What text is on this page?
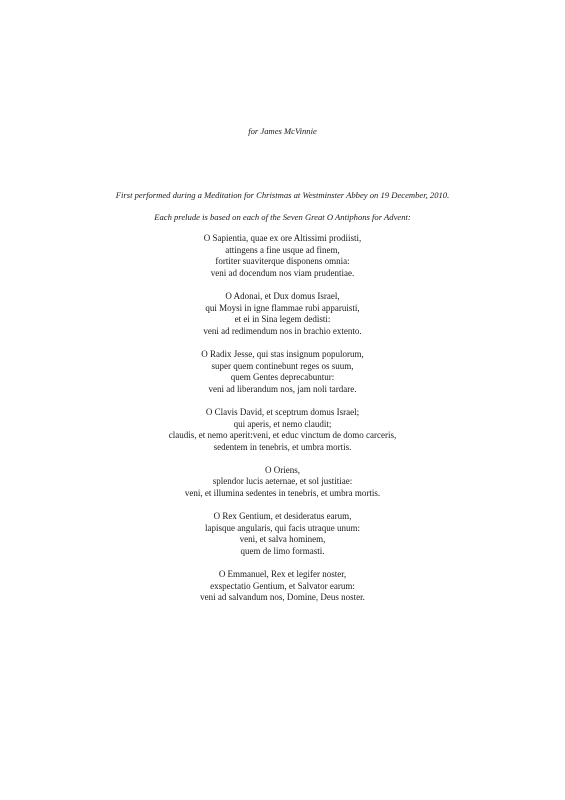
for James McVinnie
First performed during a Meditation for Christmas at Westminster Abbey on 19 December, 2010.
Each prelude is based on each of the Seven Great O Antiphons for Advent:
O Sapientia, quae ex ore Altissimi prodiisti,
attingens a fine usque ad finem,
fortiter suaviterque disponens omnia:
veni ad docendum nos viam prudentiae.
O Adonai, et Dux domus Israel,
qui Moysi in igne flammae rubi apparuisti,
et ei in Sina legem dedisti:
veni ad redimendum nos in brachio extento.
O Radix Jesse, qui stas insignum populorum,
super quem continebunt reges os suum,
quem Gentes deprecabuntur:
veni ad liberandum nos, jam noli tardare.
O Clavis David, et sceptrum domus Israel;
qui aperis, et nemo claudit;
claudis, et nemo aperit:veni, et educ vinctum de domo carceris,
sedentem in tenebris, et umbra mortis.
O Oriens,
splendor lucis aeternae, et sol justitiae:
veni, et illumina sedentes in tenebris, et umbra mortis.
O Rex Gentium, et desideratus earum,
lapisque angularis, qui facis utraque unum:
veni, et salva hominem,
quem de limo formasti.
O Emmanuel, Rex et legifer noster,
exspectatio Gentium, et Salvator earum:
veni ad salvandum nos, Domine, Deus noster.
